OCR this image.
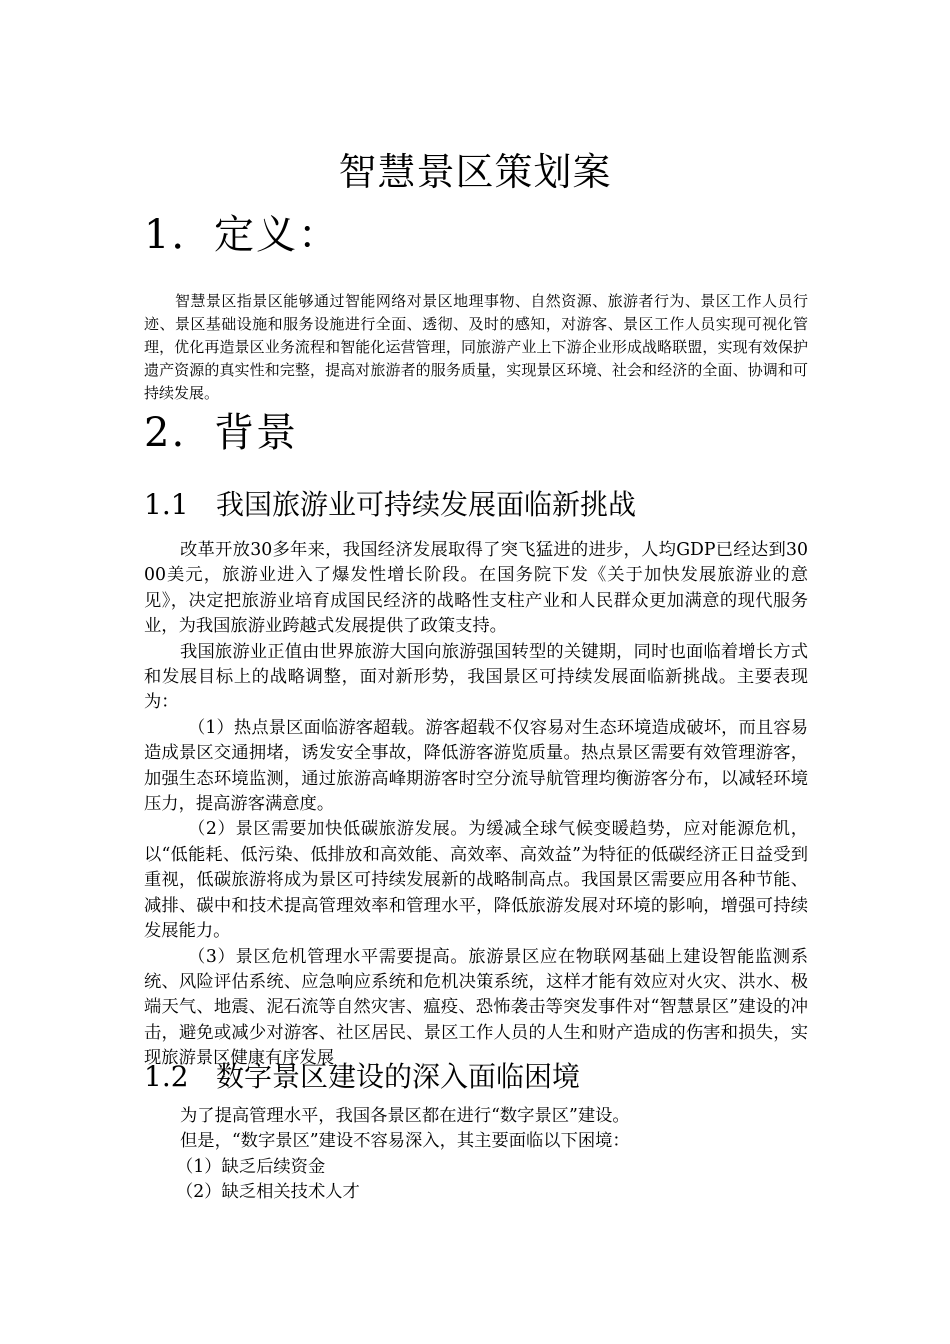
智慧景区策划案
1．定义：

智慧景区指景区能够通过智能网络对景区地理事物、自然资源、旅游者行为、景区工作人员行迹、景区基础设施和服务设施进行全面、透彻、及时的感知，对游客、景区工作人员实现可视化管理，优化再造景区业务流程和智能化运营管理，同旅游产业上下游企业形成战略联盟，实现有效保护遗产资源的真实性和完整，提高对旅游者的服务质量，实现景区环境、社会和经济的全面、协调和可持续发展。

2. 背景
1.1 我国旅游业可持续发展面临新挑战

改革开放30多年来，我国经济发展取得了突飞猛进的进步，人均GDP已经达到3000美元，旅游业进入了爆发性增长阶段。在国务院下发《关于加快发展旅游业的意见》，决定把旅游业培育成国民经济的战略性支柱产业和人民群众更加满意的现代服务业，为我国旅游业跨越式发展提供了政策支持。

我国旅游业正值由世界旅游大国向旅游强国转型的关键期，同时也面临着增长方式和发展目标上的战略调整，面对新形势，我国景区可持续发展面临新挑战。主要表现为：

（1）热点景区面临游客超载。游客超载不仅容易对生态环境造成破坏，而且容易造成景区交通拥堵，诱发安全事故，降低游客游览质量。热点景区需要有效管理游客，加强生态环境监测，通过旅游高峰期游客时空分流导航管理均衡游客分布，以减轻环境压力，提高游客满意度。

（2）景区需要加快低碳旅游发展。为缓减全球气候变暖趋势，应对能源危机，以“低能耗、低污染、低排放和高效能、高效率、高效益”为特征的低碳经济正日益受到重视，低碳旅游将成为景区可持续发展新的战略制高点。我国景区需要应用各种节能、减排、碳中和技术提高管理效率和管理水平，降低旅游发展对环境的影响，增强可持续发展能力。

（3）景区危机管理水平需要提高。旅游景区应在物联网基础上建设智能监测系统、风险评估系统、应急响应系统和危机决策系统，这样才能有效应对火灾、洪水、极端天气、地震、泥石流等自然灾害、瘟疫、恐怖袭击等突发事件对“智慧景区”建设的冲击，避免或减少对游客、社区居民、景区工作人员的人生和财产造成的伤害和损失，实现旅游景区健康有序发展

1.2 数字景区建设的深入面临困境

为了提高管理水平，我国各景区都在进行“数字景区”建设。

但是，“数字景区”建设不容易深入，其主要面临以下困境：

（1）缺乏后续资金

（2）缺乏相关技术人才
